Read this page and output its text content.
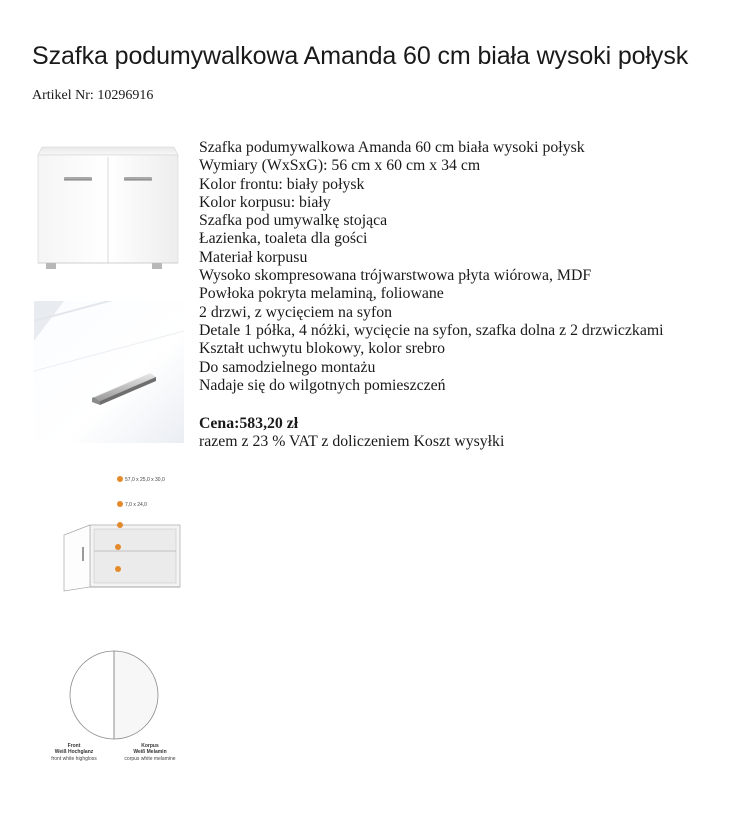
Szafka podumywalkowa Amanda 60 cm biała wysoki połysk
Artikel Nr: 10296916
57,0 x 25,0 x 30,0
7,0 x 24,0
Front
Weiß Hochglanz
front white highgloss
Korpus
Weiß Melamin
corpus white melamine
Szafka podumywalkowa Amanda 60 cm biała wysoki połysk
Wymiary (WxSxG): 56 cm x 60 cm x 34 cm
Kolor frontu: biały połysk
Kolor korpusu: biały
Szafka pod umywalkę stojąca
Łazienka, toaleta dla gości
Materiał korpusu
Wysoko skompresowana trójwarstwowa płyta wiórowa, MDF
Powłoka pokryta melaminą, foliowane
2 drzwi, z wycięciem na syfon
Detale 1 półka, 4 nóżki, wycięcie na syfon, szafka dolna z 2 drzwiczkami
Kształt uchwytu blokowy, kolor srebro
Do samodzielnego montażu
Nadaje się do wilgotnych pomieszczeń
Cena:583,20 zł
razem z 23 % VAT z doliczeniem Koszt wysyłki
